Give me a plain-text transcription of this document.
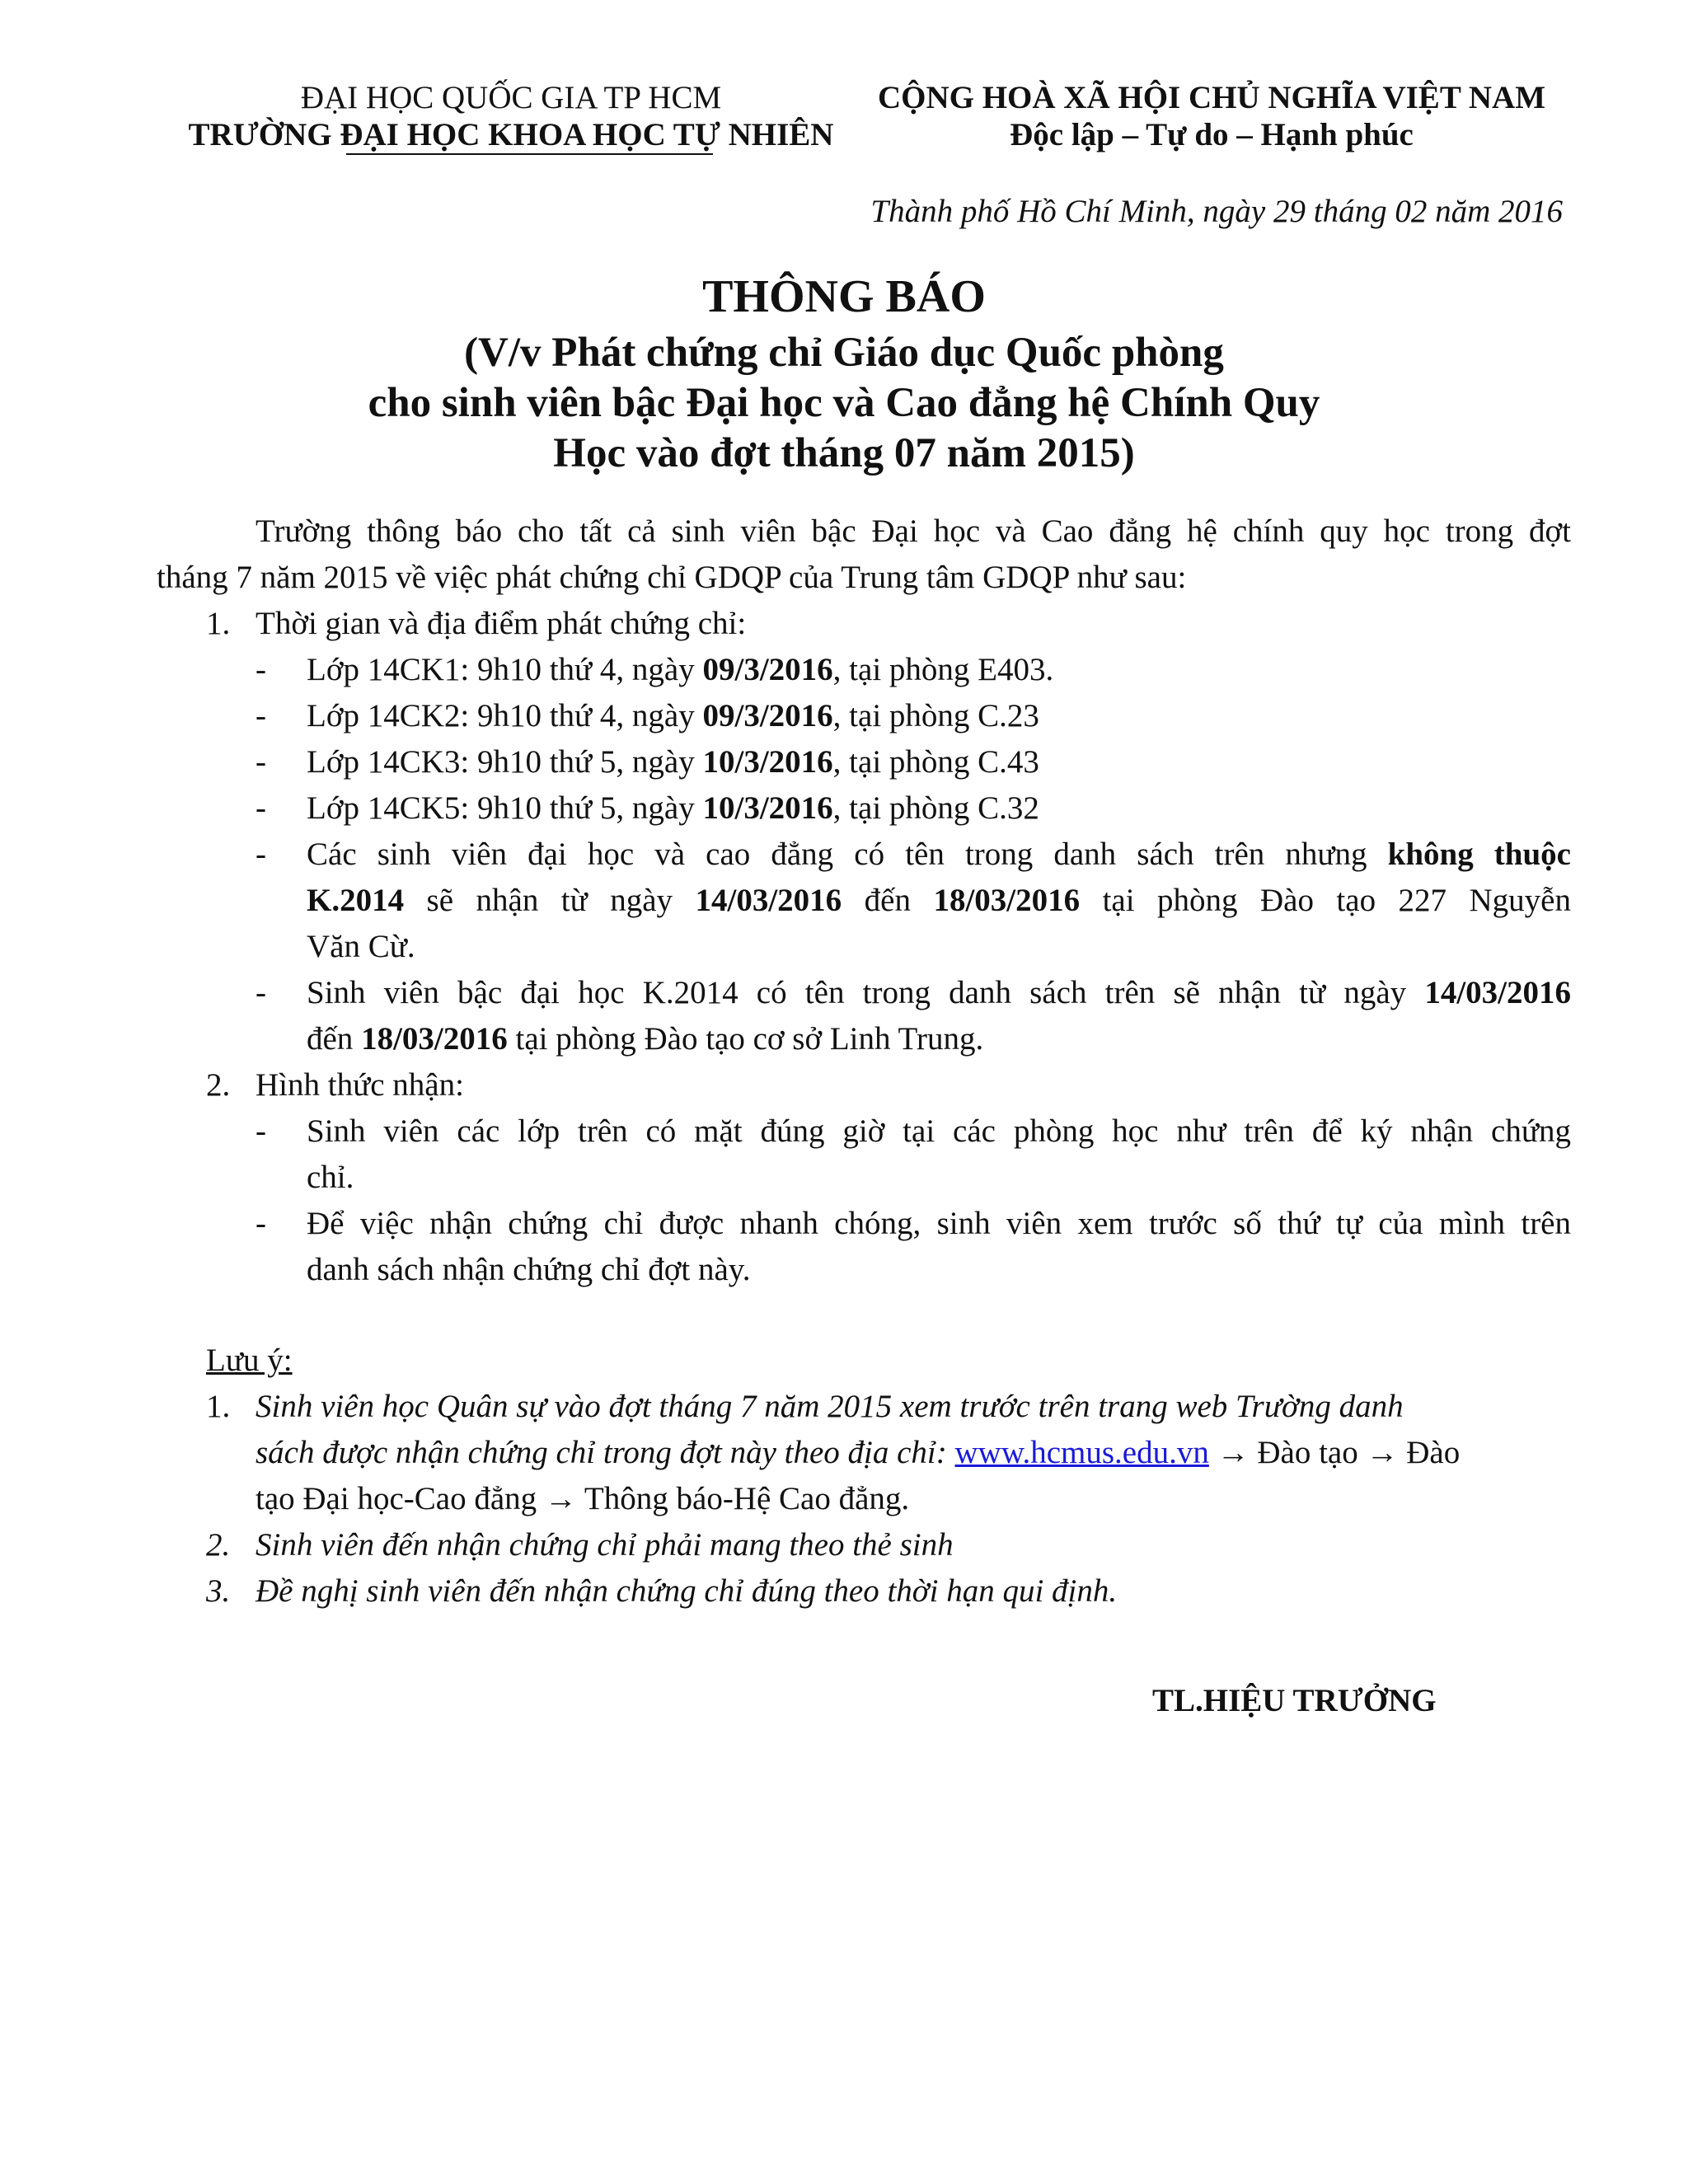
ĐẠI HỌC QUỐC GIA TP HCM
TRƯỜNG ĐẠI HỌC KHOA HỌC TỰ NHIÊN
CỘNG HOÀ XÃ HỘI CHỦ NGHĨA VIỆT NAM
Độc lập – Tự do – Hạnh phúc
Thành phố Hồ Chí Minh, ngày 29 tháng 02 năm 2016
THÔNG BÁO
(V/v Phát chứng chỉ Giáo dục Quốc phòng
cho sinh viên bậc Đại học và Cao đẳng hệ Chính Quy
Học vào đợt tháng 07 năm 2015)
Trường thông báo cho tất cả sinh viên bậc Đại học và Cao đẳng hệ chính quy học trong đợt
tháng 7 năm 2015 về việc phát chứng chỉ GDQP của Trung tâm GDQP như sau:
1. Thời gian và địa điểm phát chứng chỉ:
- Lớp 14CK1: 9h10 thứ 4, ngày 09/3/2016, tại phòng E403.
- Lớp 14CK2: 9h10 thứ 4, ngày 09/3/2016, tại phòng C.23
- Lớp 14CK3: 9h10 thứ 5, ngày 10/3/2016, tại phòng C.43
- Lớp 14CK5: 9h10 thứ 5, ngày 10/3/2016, tại phòng C.32
- Các sinh viên đại học và cao đẳng có tên trong danh sách trên nhưng không thuộc
K.2014 sẽ nhận từ ngày 14/03/2016 đến 18/03/2016 tại phòng Đào tạo 227 Nguyễn
Văn Cừ.
- Sinh viên bậc đại học K.2014 có tên trong danh sách trên sẽ nhận từ ngày 14/03/2016
đến 18/03/2016 tại phòng Đào tạo cơ sở Linh Trung.
2. Hình thức nhận:
- Sinh viên các lớp trên có mặt đúng giờ tại các phòng học như trên để ký nhận chứng
chỉ.
- Để việc nhận chứng chỉ được nhanh chóng, sinh viên xem trước số thứ tự của mình trên
danh sách nhận chứng chỉ đợt này.
Lưu ý:
1. Sinh viên học Quân sự vào đợt tháng 7 năm 2015 xem trước trên trang web Trường danh
sách được nhận chứng chỉ trong đợt này theo địa chỉ: www.hcmus.edu.vn → Đào tạo → Đào
tạo Đại học-Cao đẳng → Thông báo-Hệ Cao đẳng.
2. Sinh viên đến nhận chứng chỉ phải mang theo thẻ sinh
3. Đề nghị sinh viên đến nhận chứng chỉ đúng theo thời hạn qui định.
TL.HIỆU TRƯỞNG
